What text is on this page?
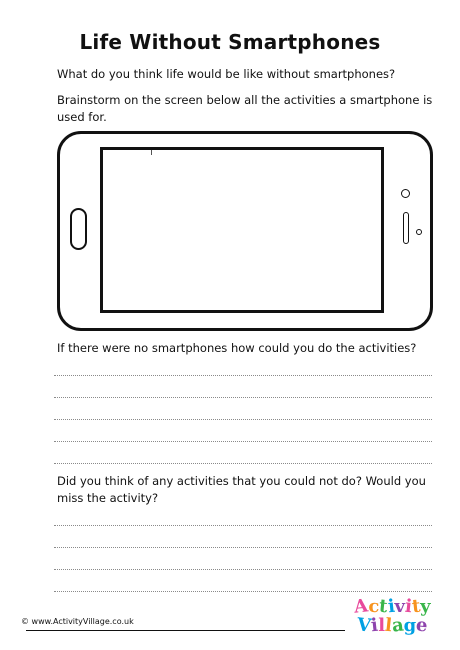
Life Without Smartphones
What do you think life would be like without smartphones?
Brainstorm on the screen below all the activities a smartphone is used for.
If there were no smartphones how could you do the activities?
Did you think of any activities that you could not do? Would you miss the activity?
© www.ActivityVillage.co.uk
Activity
Village
